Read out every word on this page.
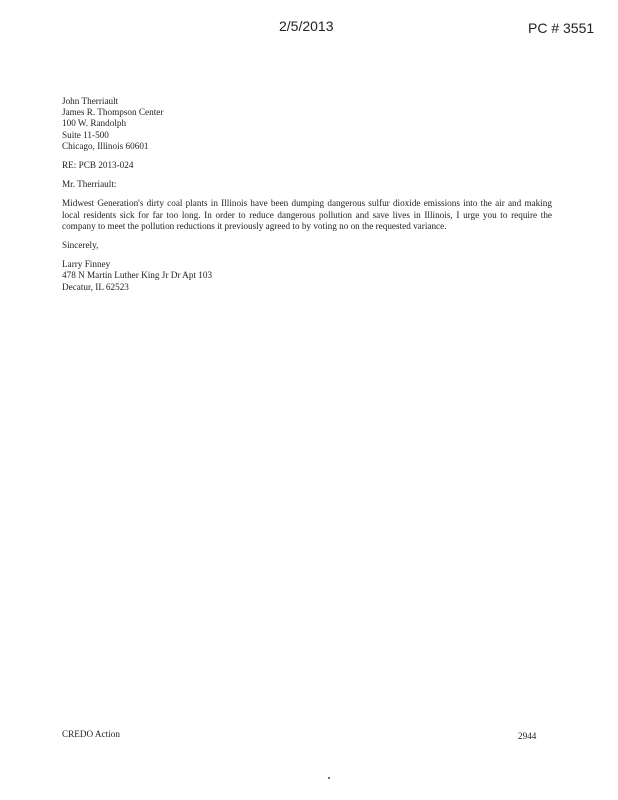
2/5/2013	PC # 3551
John Therriault
James R. Thompson Center
100 W. Randolph
Suite 11-500
Chicago, Illinois 60601
RE: PCB 2013-024
Mr. Therriault:
Midwest Generation's dirty coal plants in Illinois have been dumping dangerous sulfur dioxide emissions into the air and making local residents sick for far too long. In order to reduce dangerous pollution and save lives in Illinois, I urge you to require the company to meet the pollution reductions it previously agreed to by voting no on the requested variance.
Sincerely,
Larry Finney
478 N Martin Luther King Jr Dr Apt 103
Decatur, IL 62523
CREDO Action	2944
